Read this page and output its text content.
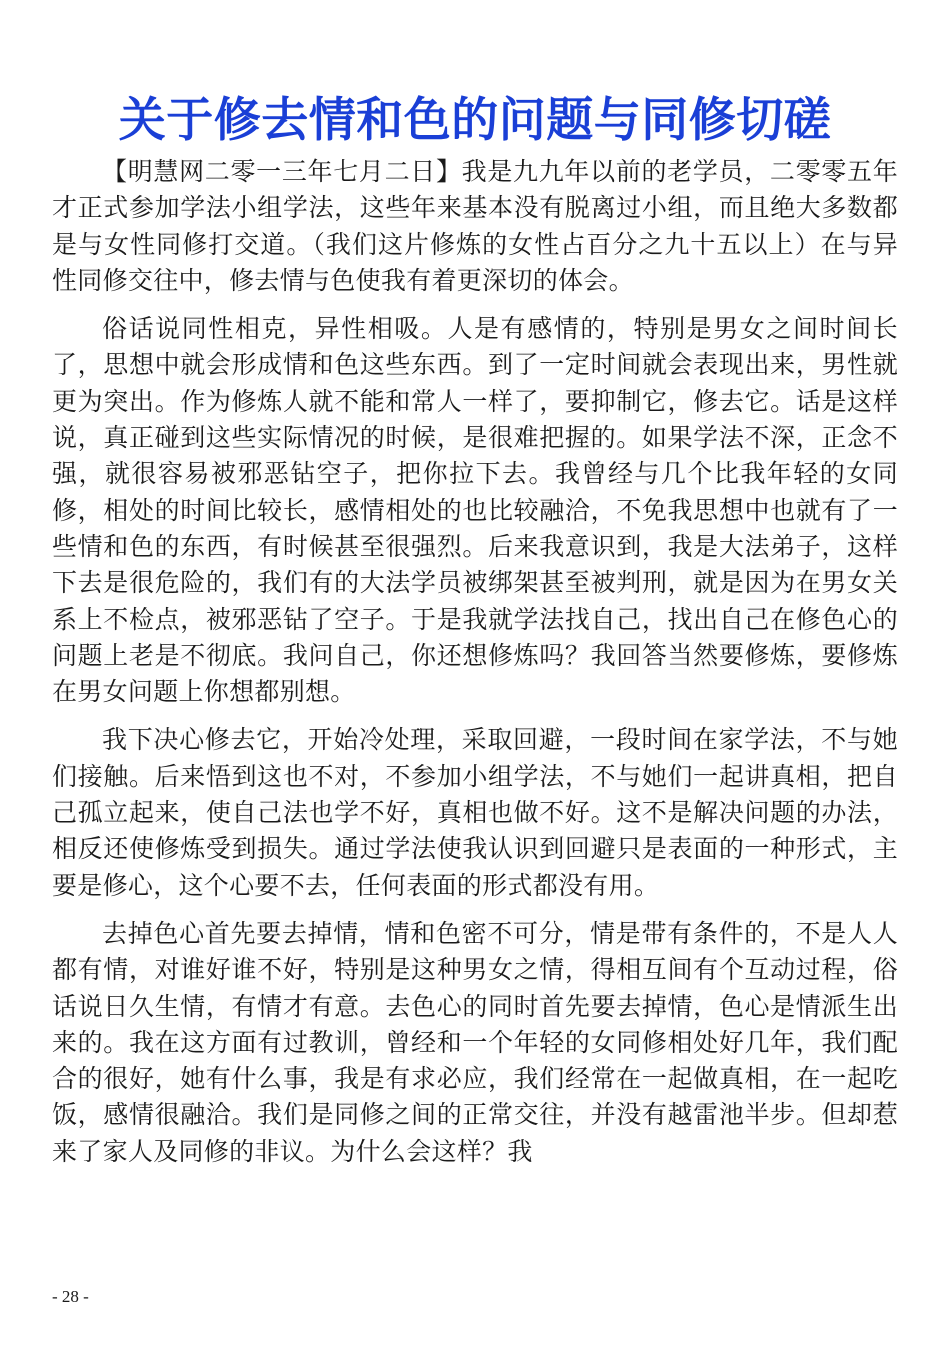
关于修去情和色的问题与同修切磋

【明慧网二零一三年七月二日】我是九九年以前的老学员，二零零五年才正式参加学法小组学法，这些年来基本没有脱离过小组，而且绝大多数都是与女性同修打交道。（我们这片修炼的女性占百分之九十五以上）在与异性同修交往中，修去情与色使我有着更深切的体会。

俗话说同性相克，异性相吸。人是有感情的，特别是男女之间时间长了，思想中就会形成情和色这些东西。到了一定时间就会表现出来，男性就更为突出。作为修炼人就不能和常人一样了，要抑制它，修去它。话是这样说，真正碰到这些实际情况的时候，是很难把握的。如果学法不深，正念不强，就很容易被邪恶钻空子，把你拉下去。我曾经与几个比我年轻的女同修，相处的时间比较长，感情相处的也比较融洽，不免我思想中也就有了一些情和色的东西，有时候甚至很强烈。后来我意识到，我是大法弟子，这样下去是很危险的，我们有的大法学员被绑架甚至被判刑，就是因为在男女关系上不检点，被邪恶钻了空子。于是我就学法找自己，找出自己在修色心的问题上老是不彻底。我问自己，你还想修炼吗？我回答当然要修炼，要修炼在男女问题上你想都别想。

我下决心修去它，开始冷处理，采取回避，一段时间在家学法，不与她们接触。后来悟到这也不对，不参加小组学法，不与她们一起讲真相，把自己孤立起来，使自己法也学不好，真相也做不好。这不是解决问题的办法，相反还使修炼受到损失。通过学法使我认识到回避只是表面的一种形式，主要是修心，这个心要不去，任何表面的形式都没有用。

去掉色心首先要去掉情，情和色密不可分，情是带有条件的，不是人人都有情，对谁好谁不好，特别是这种男女之情，得相互间有个互动过程，俗话说日久生情，有情才有意。去色心的同时首先要去掉情，色心是情派生出来的。我在这方面有过教训，曾经和一个年轻的女同修相处好几年，我们配合的很好，她有什么事，我是有求必应，我们经常在一起做真相，在一起吃饭，感情很融洽。我们是同修之间的正常交往，并没有越雷池半步。但却惹来了家人及同修的非议。为什么会这样？我

- 28 -
